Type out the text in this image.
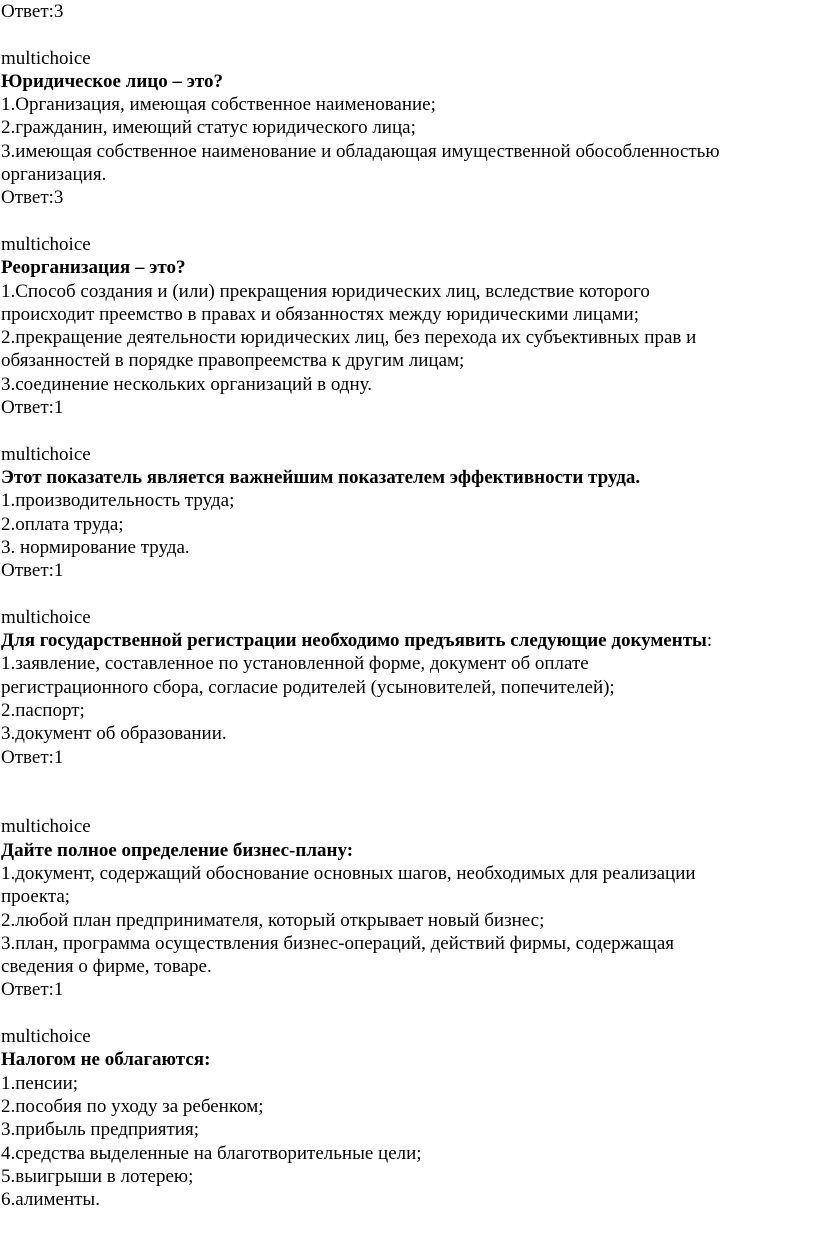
Ответ:3
multichoice
Юридическое лицо – это?
1.Организация, имеющая собственное наименование;
2.гражданин, имеющий статус юридического лица;
3.имеющая собственное наименование и обладающая имущественной обособленностью
организация.
Ответ:3
multichoice
Реорганизация – это?
1.Способ создания и (или) прекращения юридических лиц, вследствие которого
происходит преемство в правах и обязанностях между юридическими лицами;
2.прекращение деятельности юридических лиц, без перехода их субъективных прав и
обязанностей в порядке правопреемства к другим лицам;
3.соединение нескольких организаций в одну.
Ответ:1
multichoice
Этот показатель является важнейшим показателем эффективности труда.
1.производительность труда;
2.оплата труда;
3. нормирование труда.
Ответ:1
multichoice
Для государственной регистрации необходимо предъявить следующие документы:
1.заявление, составленное по установленной форме, документ об оплате
регистрационного сбора, согласие родителей (усыновителей, попечителей);
2.паспорт;
3.документ об образовании.
Ответ:1
multichoice
Дайте полное определение бизнес-плану:
1.документ, содержащий обоснование основных шагов, необходимых для реализации
проекта;
2.любой план предпринимателя, который открывает новый бизнес;
3.план, программа осуществления бизнес-операций, действий фирмы, содержащая
сведения о фирме, товаре.
Ответ:1
multichoice
Налогом не облагаются:
1.пенсии;
2.пособия по уходу за ребенком;
3.прибыль предприятия;
4.средства выделенные на благотворительные цели;
5.выигрыши в лотерею;
6.алименты.
